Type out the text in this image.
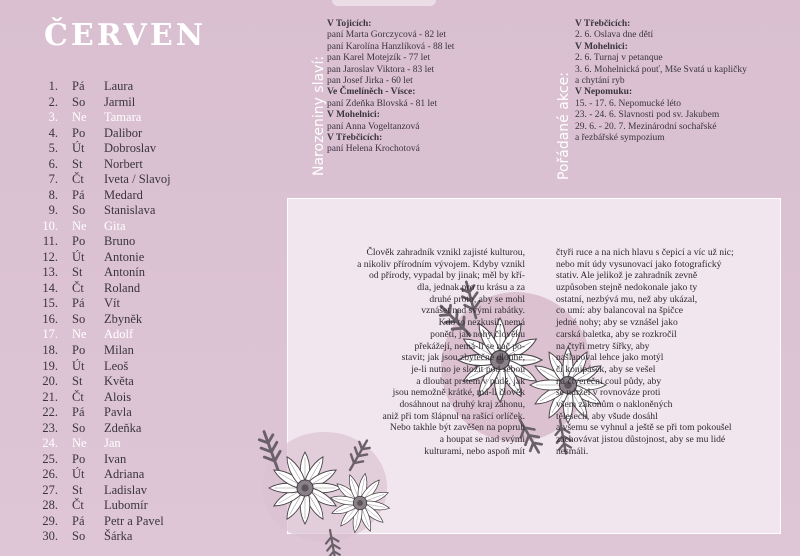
ČERVEN
1. Pá Laura
2. So Jarmil
3. Ne Tamara
4. Po Dalibor
5. Út Dobroslav
6. St Norbert
7. Čt Iveta / Slavoj
8. Pá Medard
9. So Stanislava
10. Ne Gita
11. Po Bruno
12. Út Antonie
13. St Antonín
14. Čt Roland
15. Pá Vít
16. So Zbyněk
17. Ne Adolf
18. Po Milan
19. Út Leoš
20. St Květa
21. Čt Alois
22. Pá Pavla
23. So Zdeňka
24. Ne Jan
25. Po Ivan
26. Út Adriana
27. St Ladislav
28. Čt Lubomír
29. Pá Petr a Pavel
30. So Šárka
Narozeniny slaví:
V Tojicích:
paní Marta Gorczycová - 82 let
paní Karolína Hanzlíková - 88 let
pan Karel Motejzík - 77 let
pan Jaroslav Viktora - 83 let
pan Josef Jirka - 60 let
Ve Čmelíněch - Vísce:
paní Zdeňka Blovská - 81 let
V Mohelnici:
paní Anna Vogeltanzová
V Třebčicích:
paní Helena Krochotová	Pořádané akce:
V Třebčicích:
2. 6. Oslava dne dětí
V Mohelnici:
2. 6. Turnaj v petanque
3. 6. Mohelnická pouť, Mše Svatá u kapličky
a chytání ryb
V Nepomuku:
15. - 17. 6. Nepomucké léto
23. - 24. 6. Slavnosti pod sv. Jakubem
29. 6. - 20. 7. Mezinárodní sochařské
a řezbářské sympozium
Člověk zahradník vznikl zajisté kulturou,
a nikoliv přírodním vývojem. Kdyby vznikl
od přírody, vypadal by jinak; měl by kří-
dla, jednak pro tu krásu a za
druhé proto, aby se mohl
vznášet nad svými rabátky.
Kdo to nezkusil, nemá
ponětí, jak nohy člověku
překážejí, nemá-li se nač po-
stavit; jak jsou zbytečně dlouhé,
je-li nutno je složit pod sebou
a dloubat prstem v půdě, jak
jsou nemožně krátké, má-li člověk
dosáhnout na druhý kraj záhonu,
aniž při tom šlápnul na rašící orlíček.
Nebo takhle být zavěšen na popruh
a houpat se nad svými
kulturami, nebo aspoň mít
čtyři ruce a na nich hlavu s čepicí a víc už nic;
nebo mít údy vysunovací jako fotografický
stativ. Ale jelikož je zahradník zevně
uzpůsoben stejně nedokonale jako ty
ostatní, nezbývá mu, než aby ukázal,
co umí: aby balancoval na špičce
jedné nohy; aby se vznášel jako
carská baletka, aby se rozkročil
na čtyři metry šířky, aby
našlapoval lehce jako motýl
či konipásek, aby se vešel
na čtvereční coul půdy, aby
se udržel v rovnováze proti
všem zákonům o nakloněných
tělesech, aby všude dosáhl
a všemu se vyhnul a ještě se při tom pokoušel
zachovávat jistou důstojnost, aby se mu lidé
nesmáli.
